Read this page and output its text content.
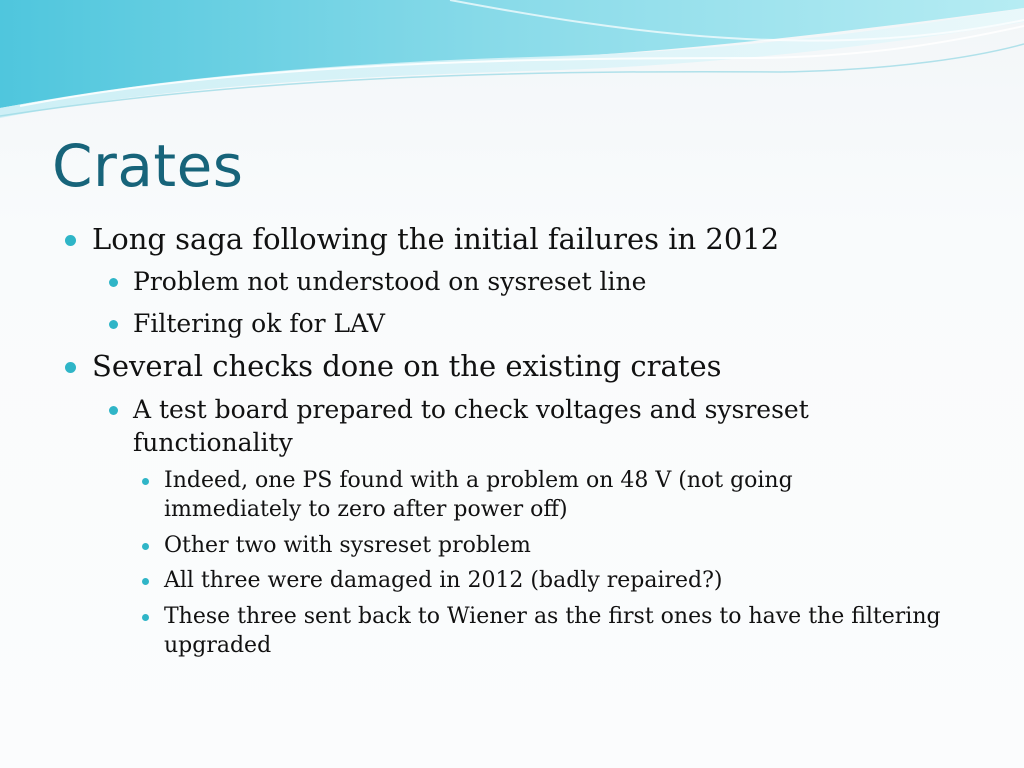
Crates
Long saga following the initial failures in 2012
Problem not understood on sysreset line
Filtering ok for LAV
Several checks done on the existing crates
A test board prepared to check voltages and sysreset functionality
Indeed, one PS found with a problem on 48 V (not going immediately to zero after power off)
Other two with sysreset problem
All three were damaged in 2012 (badly repaired?)
These three sent back to Wiener as the first ones to have the filtering upgraded
